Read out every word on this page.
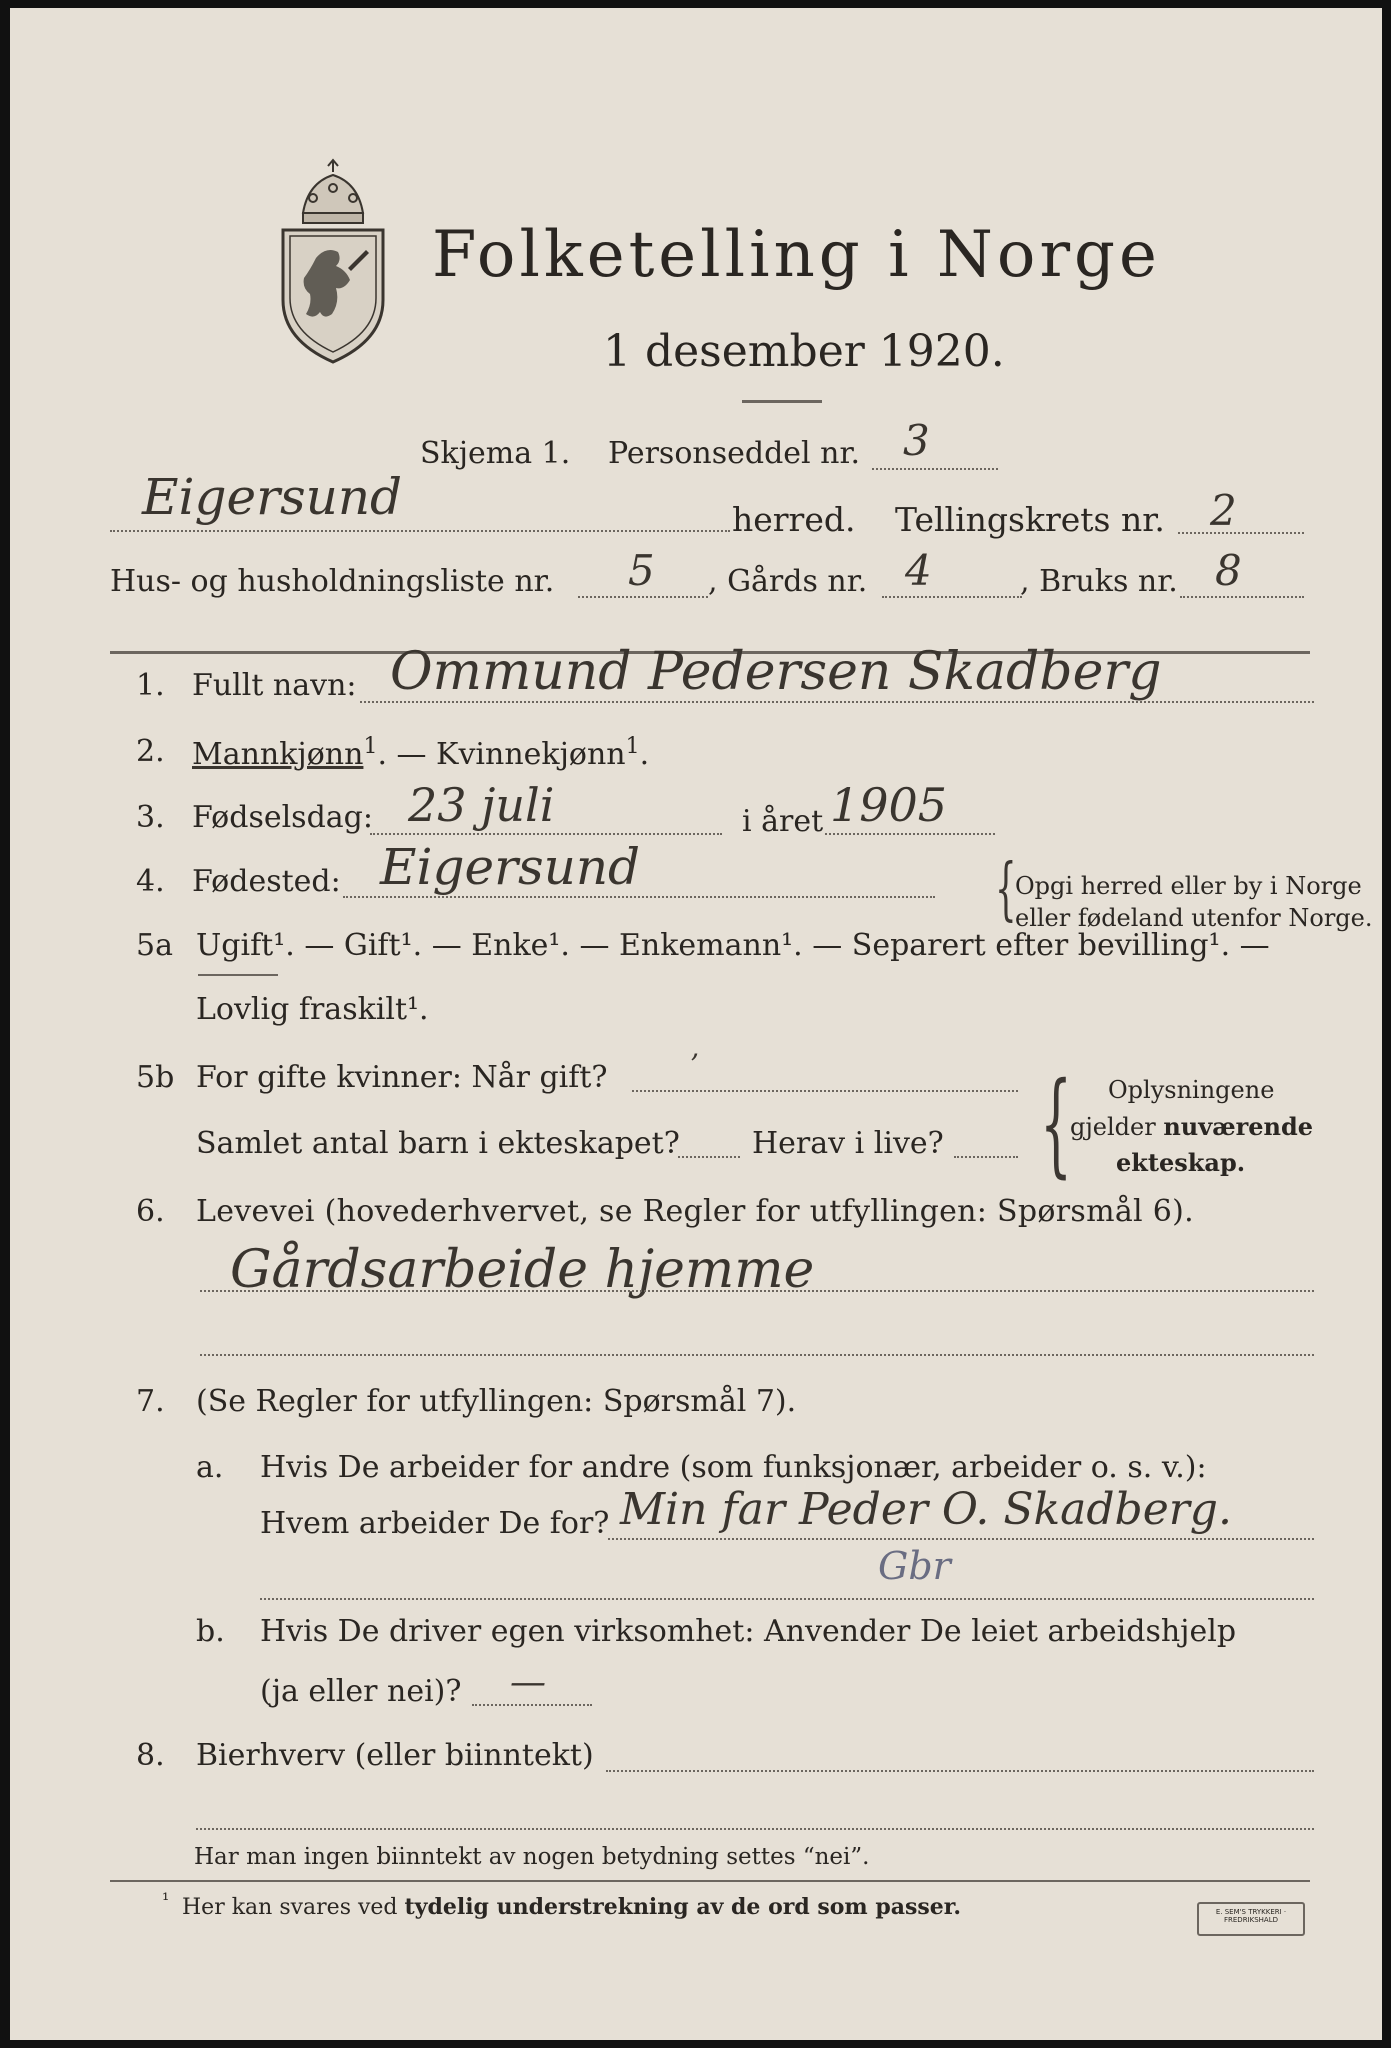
Folketelling i Norge
1 desember 1920.
Skjema 1. Personseddel nr. 3
Eigersund	herred. Tellingskrets nr. 2
Hus- og husholdningsliste nr. 5 , Gårds nr. 4	, Bruks nr. 8
1. Fullt navn: Ommund Pedersen Skadberg
2. Mannkjønn$^1$. — Kvinnekjønn$^1$.
3. Fødselsdag: 23 juli	i året 1905
4. Fødested: Eigersund	{
Opgi herred eller by i Norge
eller fødeland utenfor Norge.
5a Ugift¹. — Gift¹. — Enke¹. — Enkemann¹. — Separert efter bevilling¹. —
Lovlig fraskilt¹.
5b For gifte kvinner: Når gift?	’
Samlet antal barn i ekteskapet? Herav i live? { Oplysningene
gjelder nuværende
ekteskap.
6. Levevei (hovederhvervet, se Regler for utfyllingen: Spørsmål 6).
Gårdsarbeide hjemme
7. (Se Regler for utfyllingen: Spørsmål 7).
a. Hvis De arbeider for andre (som funksjonær, arbeider o. s. v.):
Hvem arbeider De for? Min far Peder O. Skadberg.
Gbr
b. Hvis De driver egen virksomhet: Anvender De leiet arbeidshjelp
(ja eller nei)? —
8. Bierhverv (eller biinntekt)
Har man ingen biinntekt av nogen betydning settes “nei”.
¹ Her kan svares ved tydelig understrekning av de ord som passer.	E. SEM'S TRYKKERI · FREDRIKSHALD
